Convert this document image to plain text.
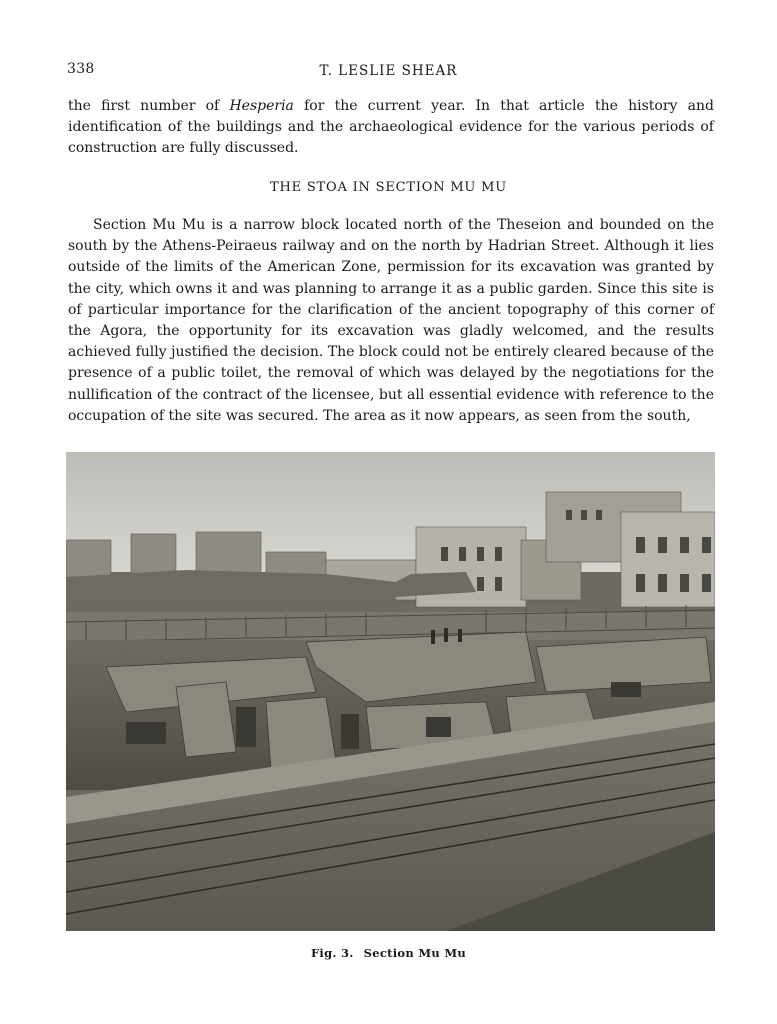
338	T. LESLIE SHEAR

the first number of Hesperia for the current year. In that article the history and identification of the buildings and the archaeological evidence for the various periods of construction are fully discussed.

THE STOA IN SECTION MU MU

Section Mu Mu is a narrow block located north of the Theseion and bounded on the south by the Athens-Peiraeus railway and on the north by Hadrian Street. Although it lies outside of the limits of the American Zone, permission for its excavation was granted by the city, which owns it and was planning to arrange it as a public garden. Since this site is of particular importance for the clarification of the ancient topography of this corner of the Agora, the opportunity for its excavation was gladly welcomed, and the results achieved fully justified the decision. The block could not be entirely cleared because of the presence of a public toilet, the removal of which was delayed by the negotiations for the nullification of the contract of the licensee, but all essential evidence with reference to the occupation of the site was secured. The area as it now appears, as seen from the south,

Fig. 3. Section Mu Mu
